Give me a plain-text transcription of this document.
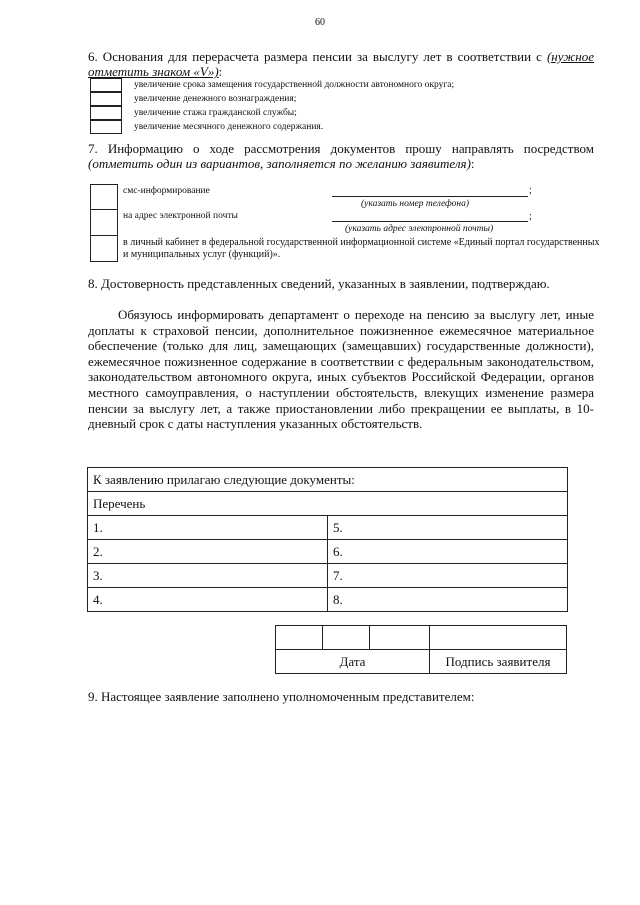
60
6. Основания для перерасчета размера пенсии за выслугу лет в соответствии с (нужное отметить знаком «V»):
увеличение срока замещения государственной должности автономного округа;
увеличение денежного вознаграждения;
увеличение стажа гражданской службы;
увеличение месячного денежного содержания.
7. Информацию о ходе рассмотрения документов прошу направлять посредством (отметить один из вариантов, заполняется по желанию заявителя):
смс-информирование	;
(указать номер телефона)
на адрес электронной почты	;
(указать адрес электронной почты)
в личный кабинет в федеральной государственной информационной системе «Единый портал государственных и муниципальных услуг (функций)».
8. Достоверность представленных сведений, указанных в заявлении, подтверждаю.
Обязуюсь информировать департамент о переходе на пенсию за выслугу лет, иные доплаты к страховой пенсии, дополнительное пожизненное ежемесячное материальное обеспечение (только для лиц, замещающих (замещавших) государственные должности), ежемесячное пожизненное содержание в соответствии с федеральным законодательством, законодательством автономного округа, иных субъектов Российской Федерации, органов местного самоуправления, о наступлении обстоятельств, влекущих изменение размера пенсии за выслугу лет, а также приостановлении либо прекращении ее выплаты, в 10-дневный срок с даты наступления указанных обстоятельств.
К заявлению прилагаю следующие документы:	
Перечень	
1.	5.
2.	6.
3.	7.
4.	8.

Дата			Подпись заявителя
9. Настоящее заявление заполнено уполномоченным представителем:
